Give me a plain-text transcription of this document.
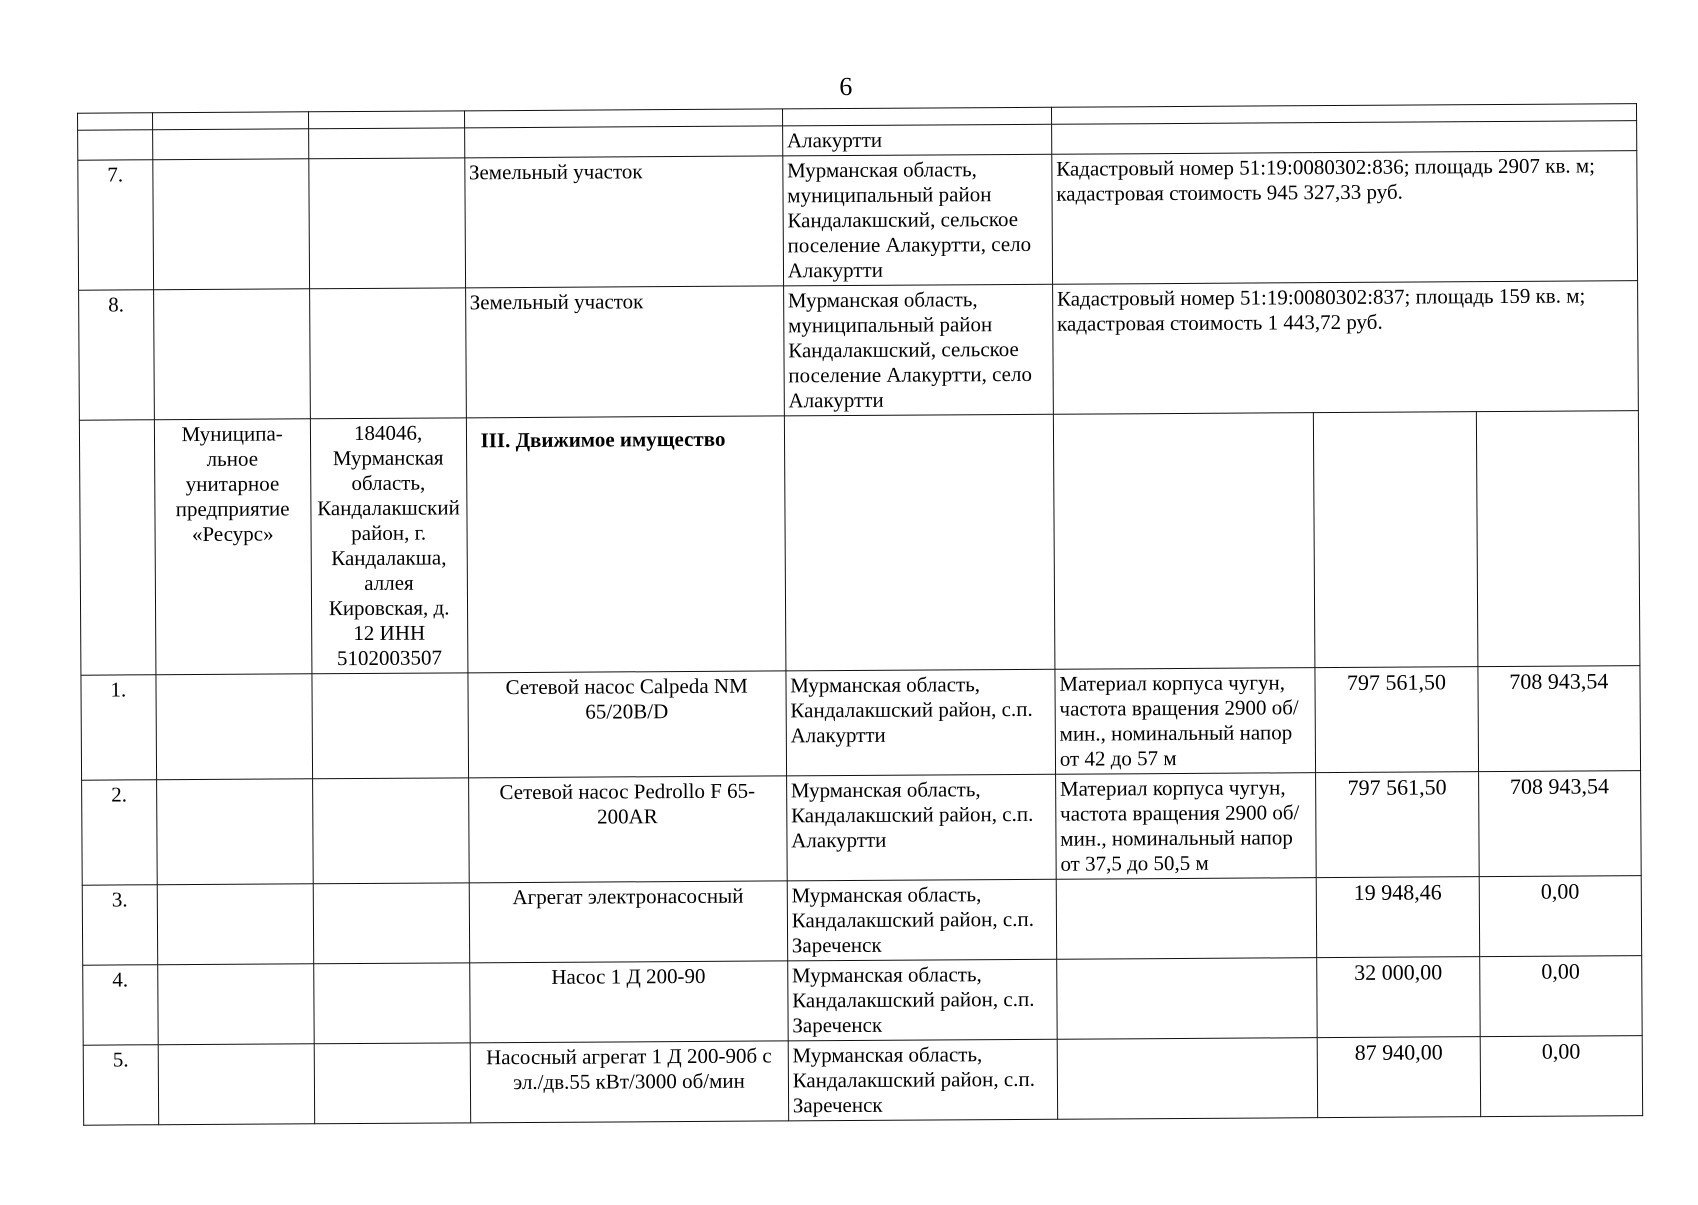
6

				Алакуртти			
7.			Земельный участок	Мурманская область, муниципальный район Кандалакшский, сельское поселение Алакуртти, село Алакуртти	Кадастровый номер 51:19:0080302:836; площадь 2907 кв. м; кадастровая стоимость 945 327,33 руб.		
8.			Земельный участок	Мурманская область, муниципальный район Кандалакшский, сельское поселение Алакуртти, село Алакуртти	Кадастровый номер 51:19:0080302:837; площадь 159 кв. м; кадастровая стоимость 1 443,72 руб.		
	Муниципа-льное унитарное предприятие «Ресурс»	184046, Мурманская область, Кандалакшский район, г. Кандалакша, аллея Кировская, д. 12 ИНН 5102003507	III. Движимое имущество				
1.			Сетевой насос Calpeda NM 65/20B/D	Мурманская область, Кандалакшский район, с.п. Алакуртти	Материал корпуса чугун, частота вращения 2900 об/мин., номинальный напор от 42 до 57 м	797 561,50	708 943,54
2.			Сетевой насос Pedrollo F 65-200AR	Мурманская область, Кандалакшский район, с.п. Алакуртти	Материал корпуса чугун, частота вращения 2900 об/мин., номинальный напор от 37,5 до 50,5 м	797 561,50	708 943,54
3.			Агрегат электронасосный	Мурманская область, Кандалакшский район, с.п. Зареченск		19 948,46	0,00
4.			Насос 1 Д 200-90	Мурманская область, Кандалакшский район, с.п. Зареченск		32 000,00	0,00
5.			Насосный агрегат 1 Д 200-90б с эл./дв.55 кВт/3000 об/мин	Мурманская область, Кандалакшский район, с.п. Зареченск		87 940,00	0,00
